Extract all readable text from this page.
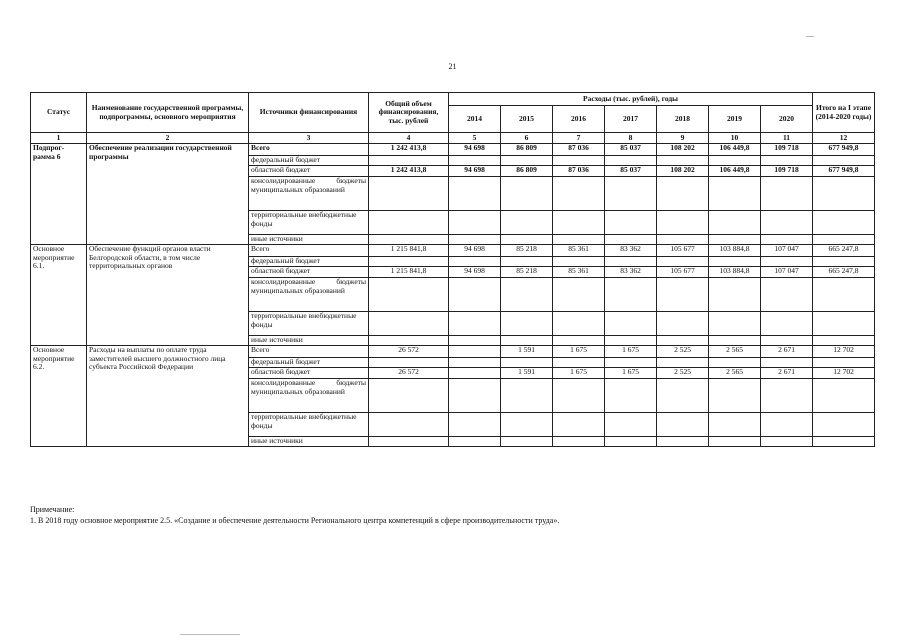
21
Статус	Наименование государственной программы, подпрограммы, основного мероприятия	Источники финансирования	Общий объем финансирования, тыс. рублей	Расходы (тыс. рублей), годы							Итого на I этапе (2014-2020 годы)
				2014	2015	2016	2017	2018	2019	2020	
1	2	3	4	5	6	7	8	9	10	11	12
Подпрог-рамма 6	Обеспечение реализации государственной программы	Всего	1 242 413,8	94 698	86 809	87 036	85 037	108 202	106 449,8	109 718	677 949,8
		федеральный бюджет									
		областной бюджет	1 242 413,8	94 698	86 809	87 036	85 037	108 202	106 449,8	109 718	677 949,8
		консолидированные бюджеты муниципальных образований									
		территориальные внебюджетные фонды									
		иные источники									
Основное мероприятие 6.1.	Обеспечение функций органов власти Белгородской области, в том числе территориальных органов	Всего	1 215 841,8	94 698	85 218	85 361	83 362	105 677	103 884,8	107 047	665 247,8
		федеральный бюджет									
		областной бюджет	1 215 841,8	94 698	85 218	85 361	83 362	105 677	103 884,8	107 047	665 247,8
		консолидированные бюджеты муниципальных образований									
		территориальные внебюджетные фонды									
		иные источники									
Основное мероприятие 6.2.	Расходы на выплаты по оплате труда заместителей высшего должностного лица субъекта Российской Федерации	Всего	26 572		1 591	1 675	1 675	2 525	2 565	2 671	12 702
		федеральный бюджет									
		областной бюджет	26 572		1 591	1 675	1 675	2 525	2 565	2 671	12 702
		консолидированные бюджеты муниципальных образований									
		территориальные внебюджетные фонды									
		иные источники									
Примечание:
1. В 2018 году основное мероприятие 2.5. «Создание и обеспечение деятельности Регионального центра компетенций в сфере производительности труда».
